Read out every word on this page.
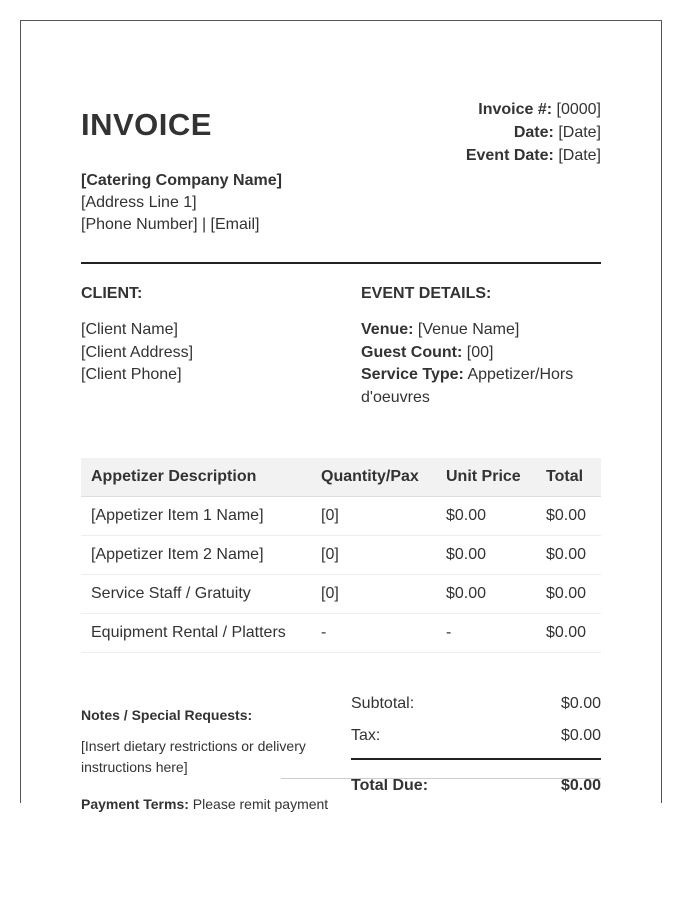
INVOICE	Invoice #: [0000]
Date: [Date]
Event Date: [Date]
[Catering Company Name]
[Address Line 1]
[Phone Number] | [Email]
CLIENT:
[Client Name]
[Client Address]
[Client Phone]
EVENT DETAILS:
Venue: [Venue Name]
Guest Count: [00]
Service Type: Appetizer/Hors d'oeuvres
Appetizer Description	Quantity/Pax	Unit Price	Total
[Appetizer Item 1 Name]	[0]	$0.00	$0.00
[Appetizer Item 2 Name]	[0]	$0.00	$0.00
Service Staff / Gratuity	[0]	$0.00	$0.00
Equipment Rental / Platters	-	-	$0.00
Notes / Special Requests:
[Insert dietary restrictions or delivery instructions here]
Payment Terms: Please remit payment
Subtotal:	$0.00
Tax:	$0.00
Total Due:	$0.00
